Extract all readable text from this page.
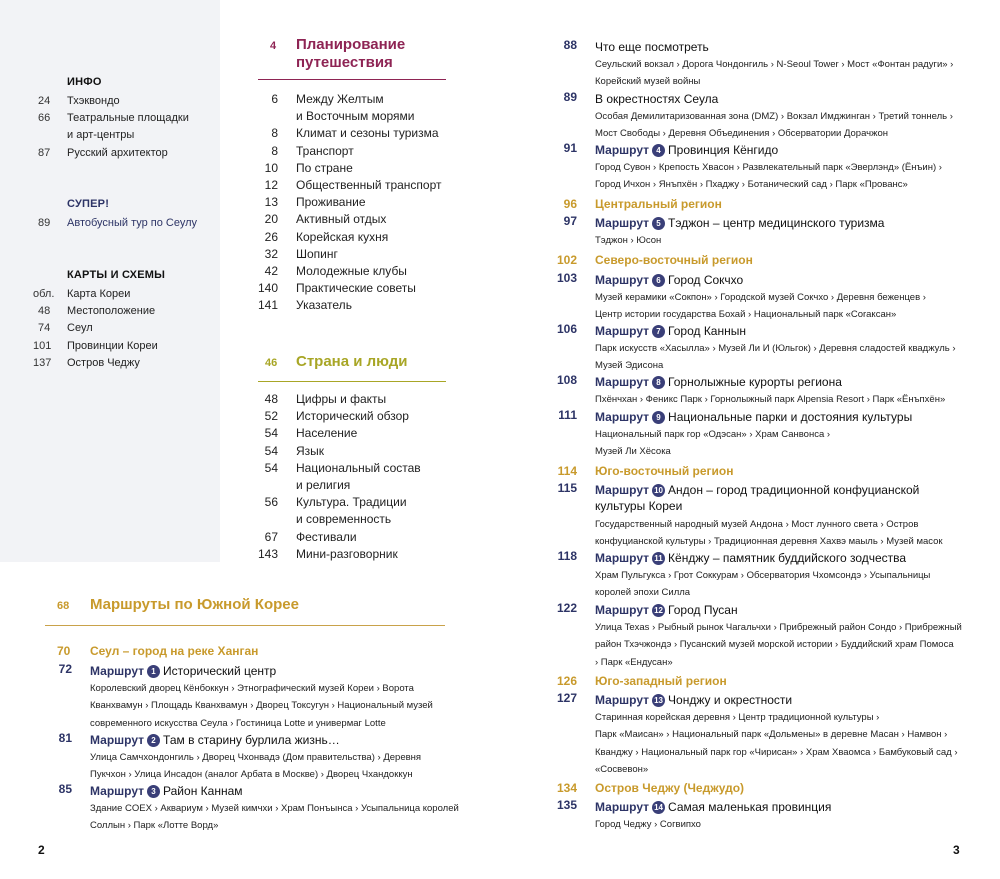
ИНФО
24 Тхэквондо
66 Театральные площадки
и арт-центры
87 Русский архитектор
СУПЕР!
89 Автобусный тур по Сеулу
КАРТЫ И СХЕМЫ
обл. Карта Кореи
48 Местоположение
74 Сеул
101 Провинции Кореи
137 Остров Чеджу
4 Планирование
путешествия
6 Между Желтым
и Восточным морями
8 Климат и сезоны туризма
8 Транспорт
10 По стране
12 Общественный транспорт
13 Проживание
20 Активный отдых
26 Корейская кухня
32 Шопинг
42 Молодежные клубы
140 Практические советы
141 Указатель
46 Страна и люди
48 Цифры и факты
52 Исторический обзор
54 Население
54 Язык
54 Национальный состав
и религия
56 Культура. Традиции
и современность
67 Фестивали
143 Мини-разговорник
68 Маршруты по Южной Корее
70 Сеул – город на реке Ханган
72 Маршрут 1 Исторический центр
Королевский дворец Кёнбоккун › Этнографический музей Кореи › Ворота
Кванхвамун › Площадь Кванхвамун › Дворец Токсугун › Национальный музей
современного искусства Сеула › Гостиница Lotte и универмаг Lotte
81 Маршрут 2 Там в старину бурлила жизнь…
Улица Самчхондонгиль › Дворец Чхонвадэ (Дом правительства) › Деревня
Пукчхон › Улица Инсадон (аналог Арбата в Москве) › Дворец Чхандоккун
85 Маршрут 3 Район Каннам
Здание COEX › Аквариум › Музей кимчхи › Храм Понъынса › Усыпальница королей
Соллын › Парк «Лотте Ворд»
88 Что еще посмотреть
Сеульский вокзал › Дорога Чондонгиль › N-Seoul Tower › Мост «Фонтан радуги» ›
Корейский музей войны
89 В окрестностях Сеула
Особая Демилитаризованная зона (DMZ) › Вокзал Имджинган › Третий тоннель ›
Мост Свободы › Деревня Объединения › Обсерватории Дорачжон
91 Маршрут 4 Провинция Кёнгидо
Город Сувон › Крепость Хвасон › Развлекательный парк «Эверлэнд» (Ёнъин) ›
Город Ичхон › Янъпхён › Пхаджу › Ботанический сад › Парк «Прованс»
96 Центральный регион
97 Маршрут 5 Тэджон – центр медицинского туризма
Тэджон › Юсон
102 Северо-восточный регион
103 Маршрут 6 Город Сокчхо
Музей керамики «Сокпон» › Городской музей Сокчхо › Деревня беженцев ›
Центр истории государства Бохай › Национальный парк «Соraксан»
106 Маршрут 7 Город Каннын
Парк искусств «Хасылла» › Музей Ли И (Юльгок) › Деревня сладостей кваджуль ›
Музей Эдисона
108 Маршрут 8 Горнолыжные курорты региона
Пхёнчхан › Феникс Парк › Горнолыжный парк Alpensia Resort › Парк «Ёнъпхён»
111 Маршрут 9 Национальные парки и достояния культуры
Национальный парк гор «Одэсан» › Храм Санвонса ›
Музей Ли Хёсока
114 Юго-восточный регион
115 Маршрут 10 Андон – город традиционной конфуцианской
культуры Кореи
Государственный народный музей Андона › Мост лунного света › Остров
конфуцианской культуры › Традиционная деревня Хахвэ маыль › Музей масок
118 Маршрут 11 Кёнджу – памятник буддийского зодчества
Храм Пульгукса › Грот Соккурам › Обсерватория Чхомсондэ › Усыпальницы
королей эпохи Силла
122 Маршрут 12 Город Пусан
Улица Texas › Рыбный рынок Чагальчхи › Прибрежный район Сондо › Прибрежный
район Тхэчжондэ › Пусанский музей морской истории › Буддийский храм Помоса
› Парк «Ендусан»
126 Юго-западный регион
127 Маршрут 13 Чонджу и окрестности
Старинная корейская деревня › Центр традиционной культуры ›
Парк «Маисан» › Национальный парк «Дольмены» в деревне Масан › Намвон ›
Кванджу › Национальный парк гор «Чирисан» › Храм Хваомса › Бамбуковый сад ›
«Сосвевон»
134 Остров Чеджу (Чеджудо)
135 Маршрут 14 Самая маленькая провинция
Город Чеджу › Согвипхо
2	3
